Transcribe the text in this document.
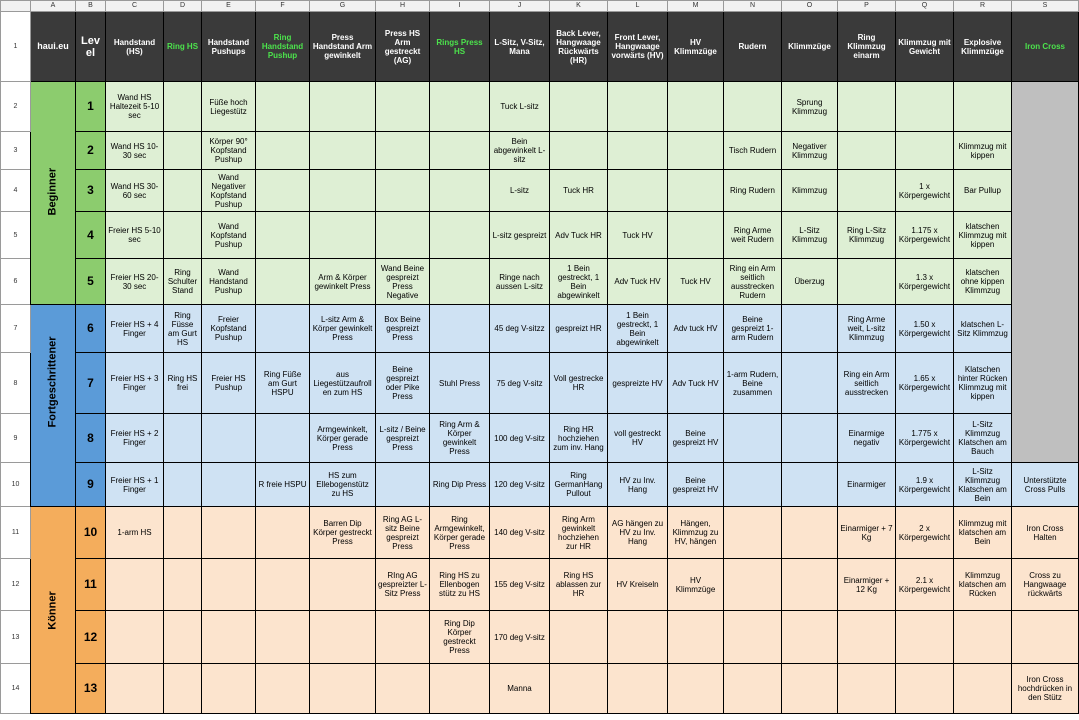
	A	B	C	D	E	F	G	H	I	J	K	L	M	N	O	P	Q	R	S
1	haui.eu	Level	Handstand (HS)	Ring HS	Handstand Pushups	Ring Handstand Pushup	Press Handstand Arm gewinkelt	Press HS Arm gestreckt (AG)	Rings Press HS	L-Sitz, V-Sitz, Mana	Back Lever, Hangwaage Rückwärts (HR)	Front Lever, Hangwaage vorwärts (HV)	HV Klimmzüge	Rudern	Klimmzüge	Ring Klimmzug einarm	Klimmzug mit Gewicht	Explosive Klimmzüge	Iron Cross
2	Beginner	1	Wand HS Haltezeit 5-10 sec		Füße hoch Liegestütz					Tuck L-sitz					Sprung Klimmzug				
3		2	Wand HS 10-30 sec		Körper 90° Kopfstand Pushup					Bein abgewinkelt L-sitz				Tisch Rudern	Negativer Klimmzug			Klimmzug mit kippen	
4		3	Wand HS 30-60 sec		Wand Negativer Kopfstand Pushup					L-sitz	Tuck HR			Ring Rudern	Klimmzug		1 x Körpergewicht	Bar Pullup	
5		4	Freier HS 5-10 sec		Wand Kopfstand Pushup					L-sitz gespreizt	Adv Tuck HR	Tuck HV		Ring Arme weit Rudern	L-Sitz Klimmzug	Ring L-Sitz Klimmzug	1.175 x Körpergewicht	klatschen Klimmzug mit kippen	
6		5	Freier HS 20-30 sec	Ring Schulter Stand	Wand Handstand Pushup		Arm & Körper gewinkelt Press	Wand Beine gespreizt Press Negative		Ringe nach aussen L-sitz	1 Bein gestreckt, 1 Bein abgewinkelt	Adv Tuck HV	Tuck HV	Ring ein Arm seitlich ausstrecken Rudern	Überzug		1.3 x Körpergewicht	klatschen ohne kippen Klimmzug	
7	Fortgeschrittener	6	Freier HS + 4 Finger	Ring Füsse am Gurt HS	Freier Kopfstand Pushup		L-sitz Arm & Körper gewinkelt Press	Box Beine gespreizt Press		45 deg V-sitzz	gespreizt HR	1 Bein gestreckt, 1 Bein abgewinkelt	Adv tuck HV	Beine gespreizt 1-arm Rudern		Ring Arme weit, L-sitz Klimmzug	1.50 x Körpergewicht	klatschen L-Sitz Klimmzug	
8		7	Freier HS + 3 Finger	Ring HS frei	Freier HS Pushup	Ring Füße am Gurt HSPU	aus Liegestützaufroll en zum HS	Beine gespreizt oder Pike Press	Stuhl Press	75 deg V-sitz	Voll gestrecke HR	gespreizte HV	Adv Tuck HV	1-arm Rudern, Beine zusammen		Ring ein Arm seitlich ausstrecken	1.65 x Körpergewicht	Klatschen hinter Rücken Klimmzug mit kippen	
9		8	Freier HS + 2 Finger				Armgewinkelt, Körper gerade Press	L-sitz / Beine gespreizt Press	Ring Arm & Körper gewinkelt Press	100 deg V-sitz	Ring HR hochziehen zum inv. Hang	voll gestreckt HV	Beine gespreizt HV			Einarmige negativ	1.775 x Körpergewicht	L-Sitz Klimmzug Klatschen am Bauch	
10		9	Freier HS + 1 Finger			R freie HSPU	HS zum Ellebogenstütz zu HS		Ring Dip Press	120 deg V-sitz	Ring GermanHang Pullout	HV zu Inv. Hang	Beine gespreizt HV			Einarmiger	1.9 x Körpergewicht	L-Sitz Klimmzug Klatschen am Bein	Unterstützte Cross Pulls
11	Könner	10	1-arm HS				Barren Dip Körper gestreckt Press	Ring AG L-sitz Beine gespreizt Press	Ring Armgewinkelt, Körper gerade Press	140 deg V-sitz	Ring Arm gewinkelt hochziehen zur HR	AG hängen zu HV zu Inv. Hang	Hängen, Klimmzug zu HV, hängen			Einarmiger + 7 Kg	2 x Körpergewicht	Klimmzug mit klatschen am Bein	Iron Cross Halten
12		11						RIng AG gespreizter L-Sitz Press	Ring HS zu Ellenbogen stütz zu HS	155 deg V-sitz	Ring HS ablassen zur HR	HV Kreiseln	HV Klimmzüge			Einarmiger + 12 Kg	2.1 x Körpergewicht	Klimmzug klatschen am Rücken	Cross zu Hangwaage rückwärts
13		12							Ring Dip Körper gestreckt Press	170 deg V-sitz									
14		13								Manna									Iron Cross hochdrücken in den Stütz
